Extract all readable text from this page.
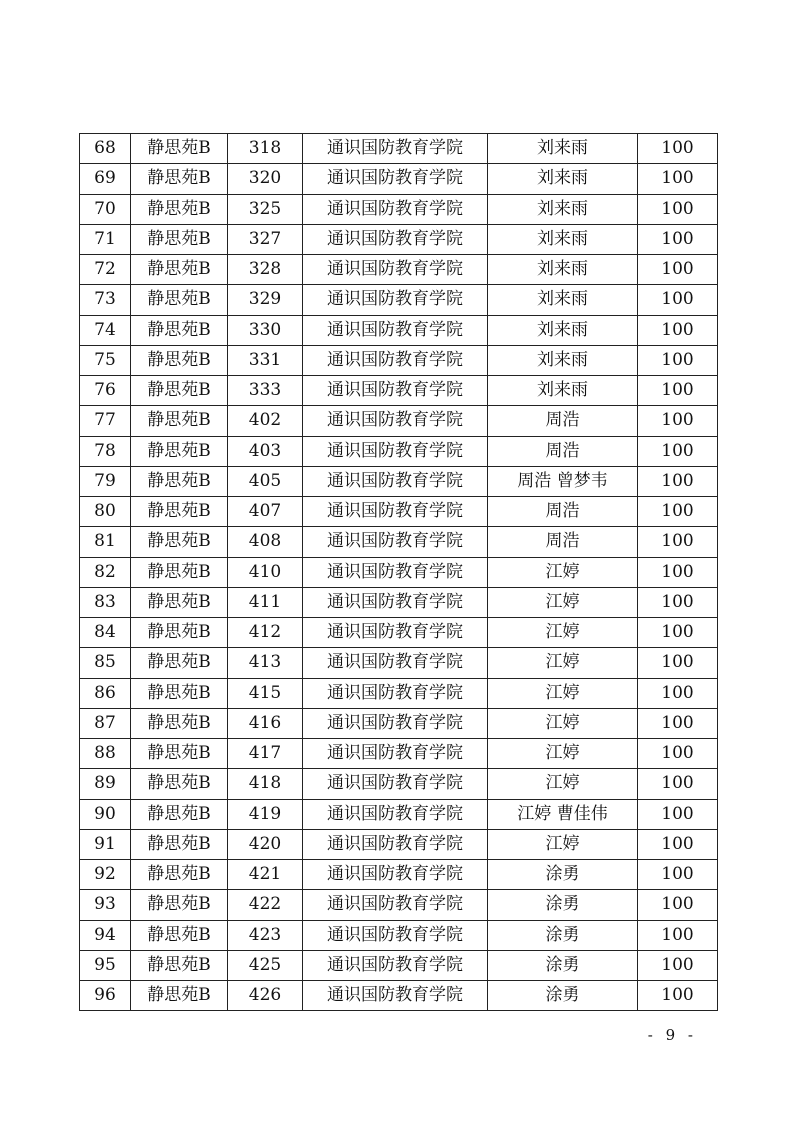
68	静思苑B	318	通识国防教育学院	刘来雨	100
69	静思苑B	320	通识国防教育学院	刘来雨	100
70	静思苑B	325	通识国防教育学院	刘来雨	100
71	静思苑B	327	通识国防教育学院	刘来雨	100
72	静思苑B	328	通识国防教育学院	刘来雨	100
73	静思苑B	329	通识国防教育学院	刘来雨	100
74	静思苑B	330	通识国防教育学院	刘来雨	100
75	静思苑B	331	通识国防教育学院	刘来雨	100
76	静思苑B	333	通识国防教育学院	刘来雨	100
77	静思苑B	402	通识国防教育学院	周浩	100
78	静思苑B	403	通识国防教育学院	周浩	100
79	静思苑B	405	通识国防教育学院	周浩 曾梦韦	100
80	静思苑B	407	通识国防教育学院	周浩	100
81	静思苑B	408	通识国防教育学院	周浩	100
82	静思苑B	410	通识国防教育学院	江婷	100
83	静思苑B	411	通识国防教育学院	江婷	100
84	静思苑B	412	通识国防教育学院	江婷	100
85	静思苑B	413	通识国防教育学院	江婷	100
86	静思苑B	415	通识国防教育学院	江婷	100
87	静思苑B	416	通识国防教育学院	江婷	100
88	静思苑B	417	通识国防教育学院	江婷	100
89	静思苑B	418	通识国防教育学院	江婷	100
90	静思苑B	419	通识国防教育学院	江婷 曹佳伟	100
91	静思苑B	420	通识国防教育学院	江婷	100
92	静思苑B	421	通识国防教育学院	涂勇	100
93	静思苑B	422	通识国防教育学院	涂勇	100
94	静思苑B	423	通识国防教育学院	涂勇	100
95	静思苑B	425	通识国防教育学院	涂勇	100
96	静思苑B	426	通识国防教育学院	涂勇	100
- 9 -
